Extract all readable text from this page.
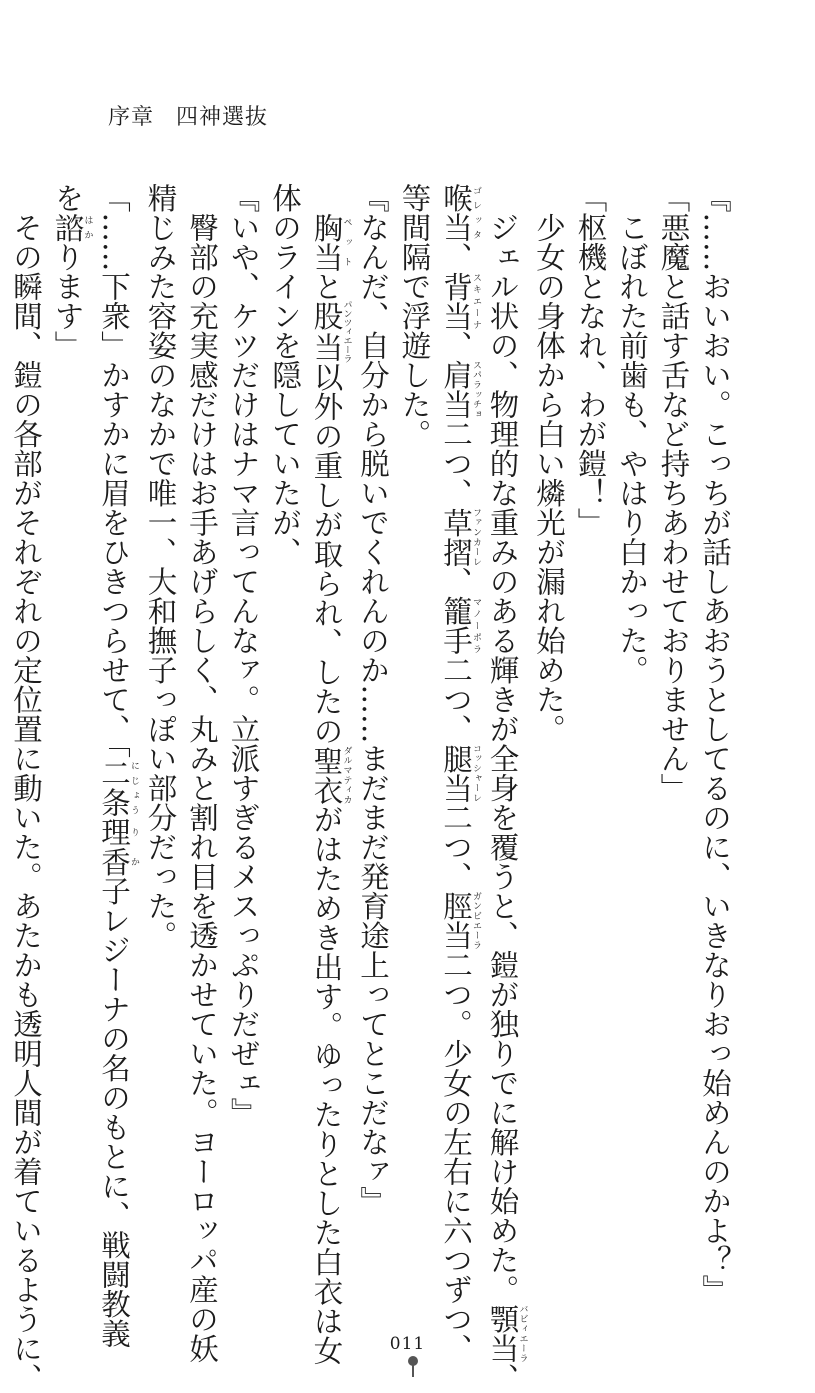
序章 四神選抜
『……おいおい。こっちが話しあおうとしてるのに、いきなりおっ始めんのかよ？』
「悪魔と話す舌など持ちあわせておりません」
　こぼれた前歯も、やはり白かった。
「枢機となれ、わが鎧！」
　少女の身体から白い燐光が漏れ始めた。
　ジェル状の、物理的な重みのある輝きが全身を覆うと、鎧が独りでに解け始めた。顎当バビィエーラ、
喉当ゴレッタ、背当スキエーナ、肩当スパラッチョ二つ、草摺ファンカーレ、籠手マノーポラ二つ、腿当コッシャーレ二つ、脛当ガンビエーラ二つ。少女の左右に六つずつ、
等間隔で浮遊した。
『なんだ、自分から脱いでくれんのか……まだまだ発育途上ってとこだなァ』
　胸当ペットと股当パンツィエーラ以外の重しが取られ、したの聖衣ダルマティカがはためき出す。ゆったりとした白衣は女
体のラインを隠していたが、
『いや、ケツだけはナマ言ってんなァ。立派すぎるメスっぷりだぜェ』
　臀部の充実感だけはお手あげらしく、丸みと割れ目を透かせていた。ヨーロッパ産の妖
精じみた容姿のなかで唯一、大和撫子っぽい部分だった。
「……下衆」かすかに眉をひきつらせて、「二条にじょう理り香か子レジーナの名のもとに、戦闘教義
を諮はかります」
　その瞬間、鎧の各部がそれぞれの定位置に動いた。あたかも透明人間が着ているように、	011
